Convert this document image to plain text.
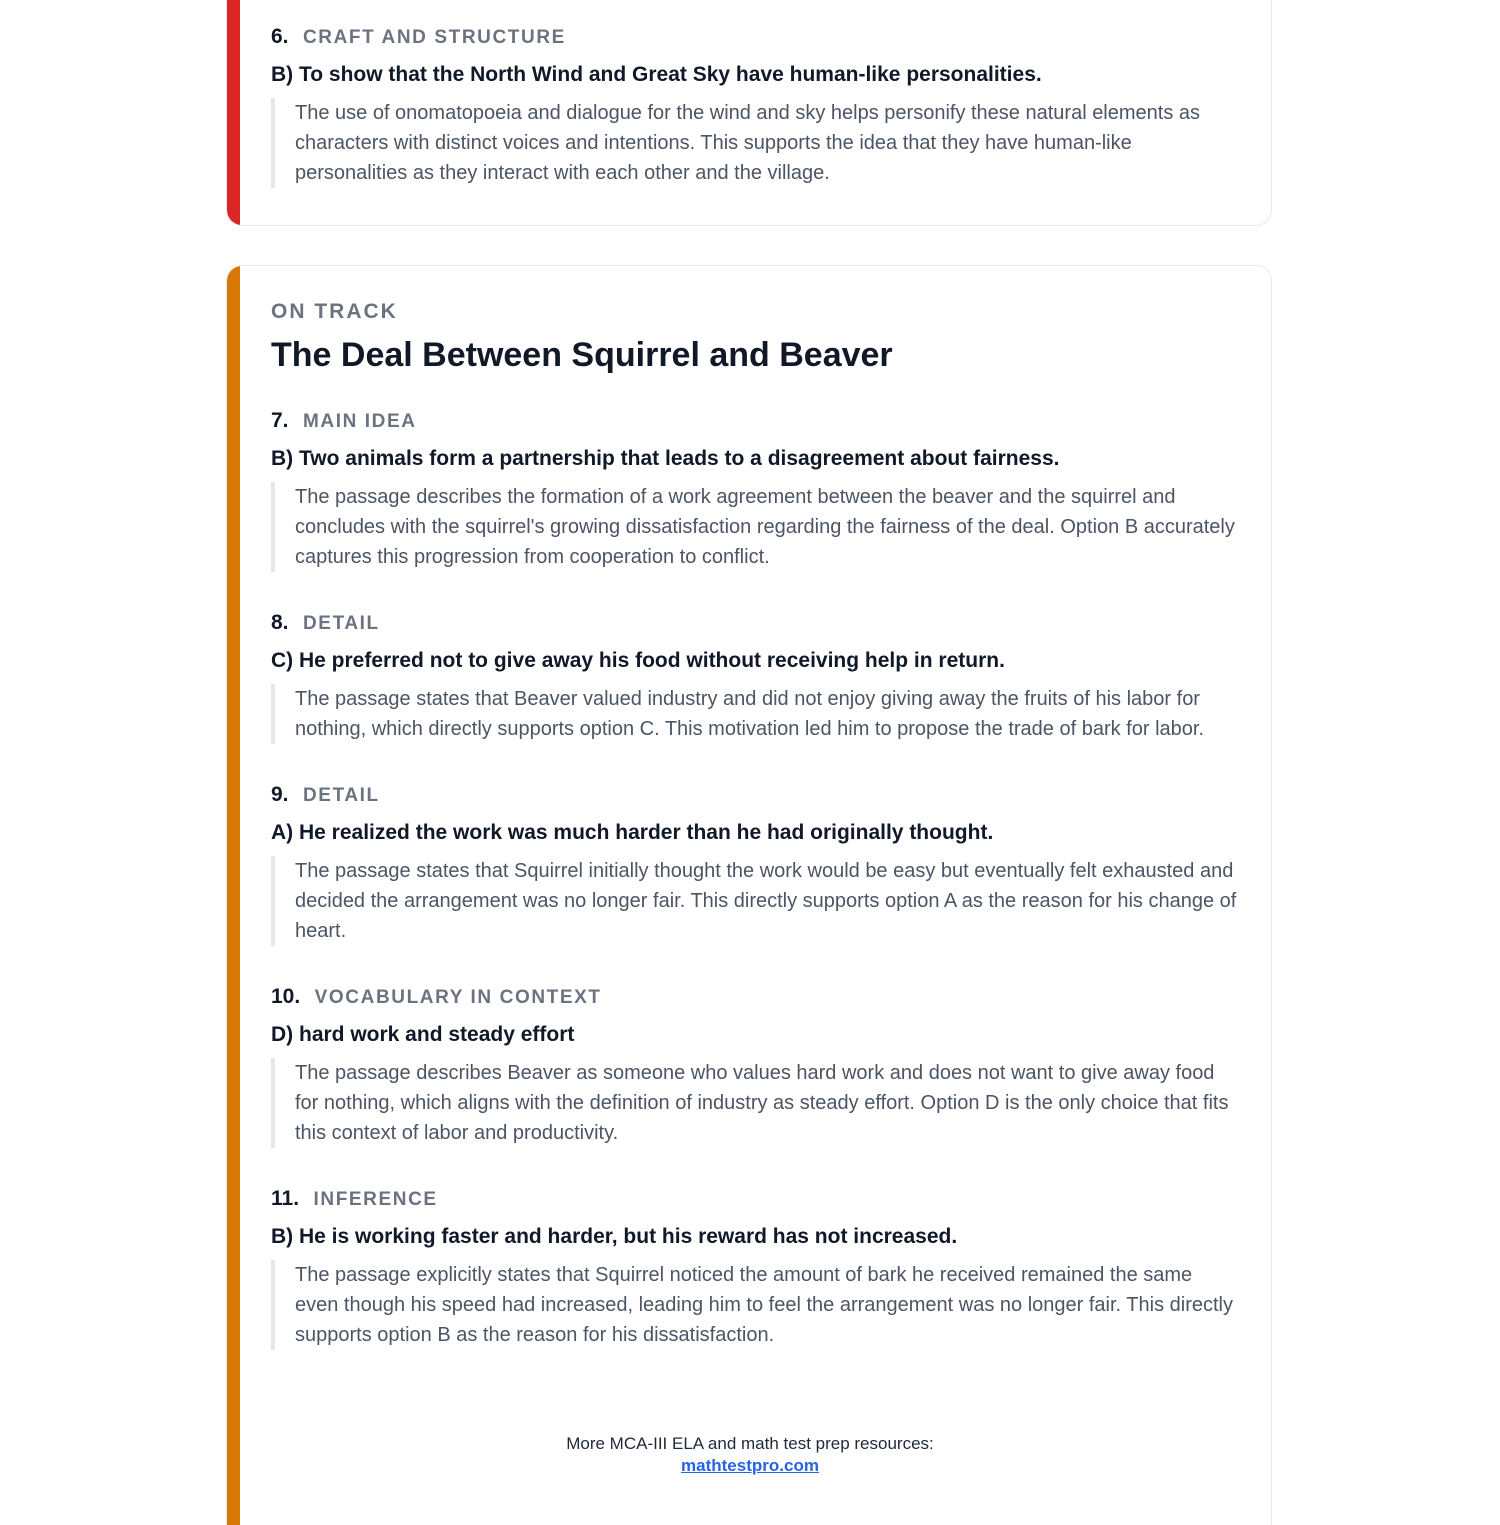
6. CRAFT AND STRUCTURE
B) To show that the North Wind and Great Sky have human-like personalities.
The use of onomatopoeia and dialogue for the wind and sky helps personify these natural elements as characters with distinct voices and intentions. This supports the idea that they have human-like personalities as they interact with each other and the village.
ON TRACK
The Deal Between Squirrel and Beaver
7. MAIN IDEA
B) Two animals form a partnership that leads to a disagreement about fairness.
The passage describes the formation of a work agreement between the beaver and the squirrel and concludes with the squirrel's growing dissatisfaction regarding the fairness of the deal. Option B accurately captures this progression from cooperation to conflict.
8. DETAIL
C) He preferred not to give away his food without receiving help in return.
The passage states that Beaver valued industry and did not enjoy giving away the fruits of his labor for nothing, which directly supports option C. This motivation led him to propose the trade of bark for labor.
9. DETAIL
A) He realized the work was much harder than he had originally thought.
The passage states that Squirrel initially thought the work would be easy but eventually felt exhausted and decided the arrangement was no longer fair. This directly supports option A as the reason for his change of heart.
10. VOCABULARY IN CONTEXT
D) hard work and steady effort
The passage describes Beaver as someone who values hard work and does not want to give away food for nothing, which aligns with the definition of industry as steady effort. Option D is the only choice that fits this context of labor and productivity.
11. INFERENCE
B) He is working faster and harder, but his reward has not increased.
The passage explicitly states that Squirrel noticed the amount of bark he received remained the same even though his speed had increased, leading him to feel the arrangement was no longer fair. This directly supports option B as the reason for his dissatisfaction.
More MCA-III ELA and math test prep resources:
mathtestpro.com
